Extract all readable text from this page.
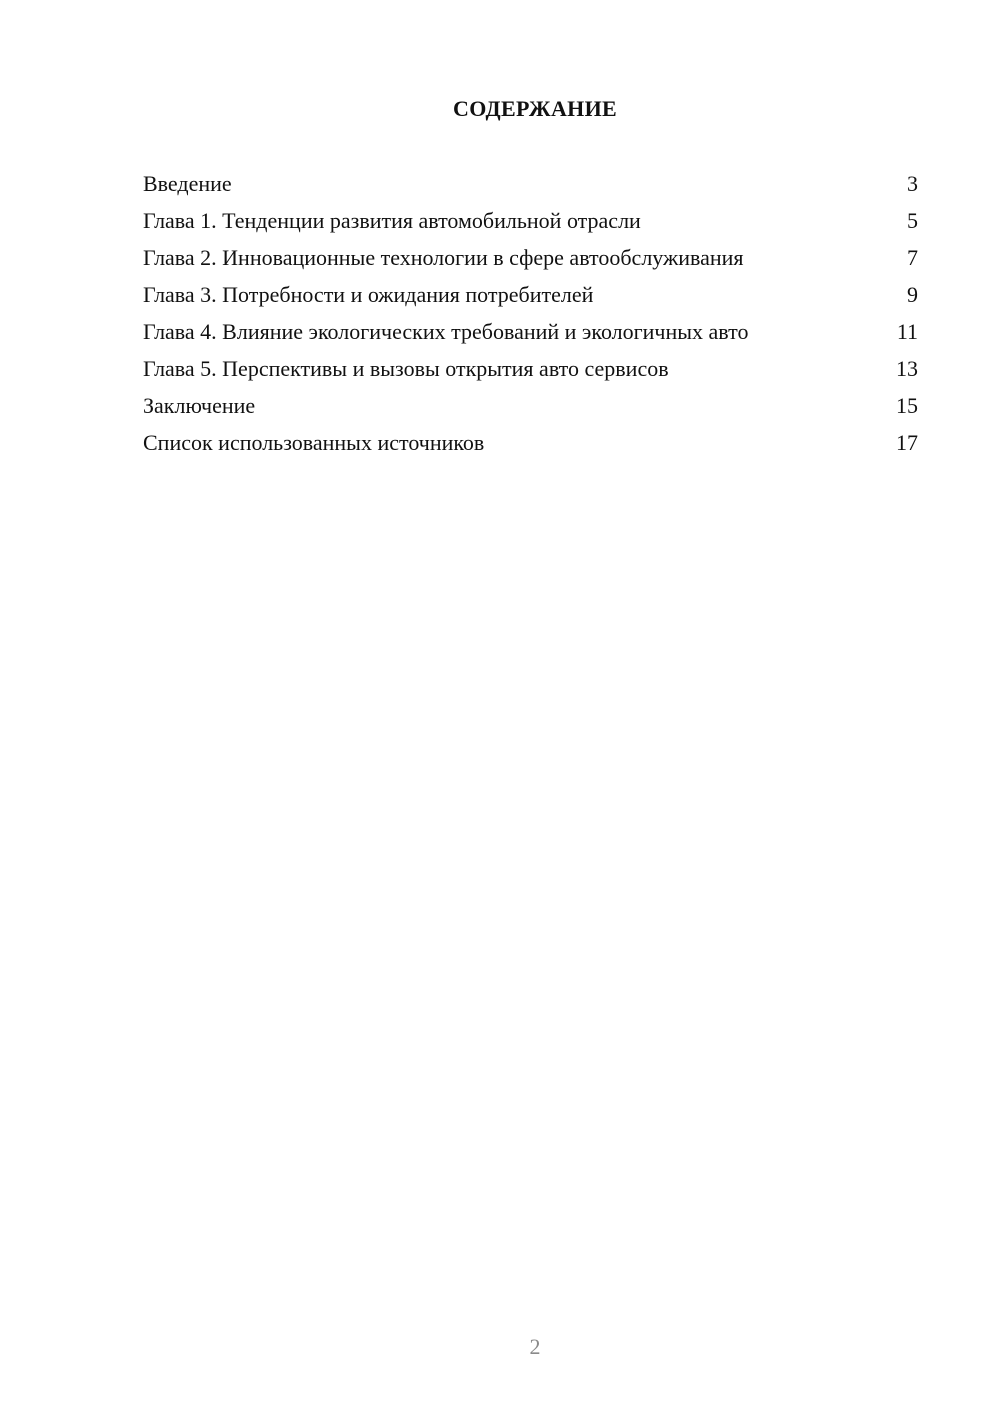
СОДЕРЖАНИЕ
Введение	3
Глава 1. Тенденции развития автомобильной отрасли	5
Глава 2. Инновационные технологии в сфере автообслуживания	7
Глава 3. Потребности и ожидания потребителей	9
Глава 4. Влияние экологических требований и экологичных авто	11
Глава 5. Перспективы и вызовы открытия авто сервисов	13
Заключение	15
Список использованных источников	17
2
